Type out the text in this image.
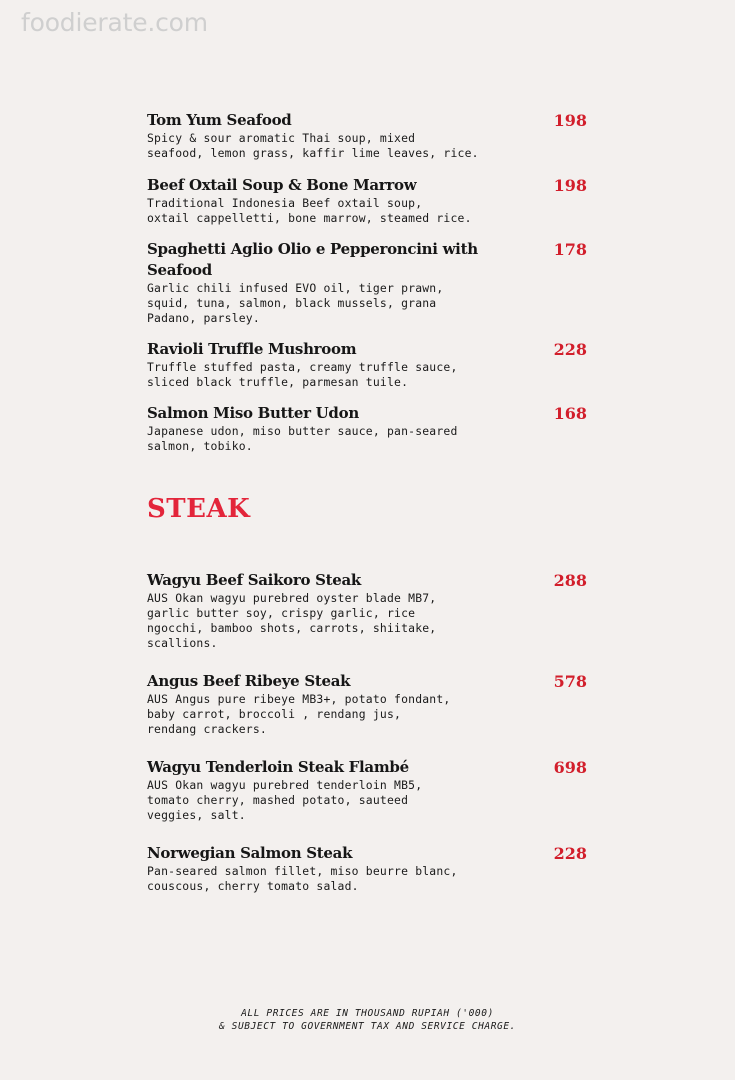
foodierate.com
Tom Yum Seafood
Spicy & sour aromatic Thai soup, mixed
seafood, lemon grass, kaffir lime leaves, rice.
198
Beef Oxtail Soup & Bone Marrow
Traditional Indonesia Beef oxtail soup,
oxtail cappelletti, bone marrow, steamed rice.
198
Spaghetti Aglio Olio e Pepperoncini with Seafood
Garlic chili infused EVO oil, tiger prawn,
squid, tuna, salmon, black mussels, grana
Padano, parsley.
178
Ravioli Truffle Mushroom
Truffle stuffed pasta, creamy truffle sauce,
sliced black truffle, parmesan tuile.
228
Salmon Miso Butter Udon
Japanese udon, miso butter sauce, pan-seared
salmon, tobiko.
168
STEAK
Wagyu Beef Saikoro Steak
AUS Okan wagyu purebred oyster blade MB7,
garlic butter soy, crispy garlic, rice
ngocchi, bamboo shots, carrots, shiitake,
scallions.
288
Angus Beef Ribeye Steak
AUS Angus pure ribeye MB3+, potato fondant,
baby carrot, broccoli , rendang jus,
rendang crackers.
578
Wagyu Tenderloin Steak Flambé
AUS Okan wagyu purebred tenderloin MB5,
tomato cherry, mashed potato, sauteed
veggies, salt.
698
Norwegian Salmon Steak
Pan-seared salmon fillet, miso beurre blanc,
couscous, cherry tomato salad.
228
ALL PRICES ARE IN THOUSAND RUPIAH ('000)
& SUBJECT TO GOVERNMENT TAX AND SERVICE CHARGE.
